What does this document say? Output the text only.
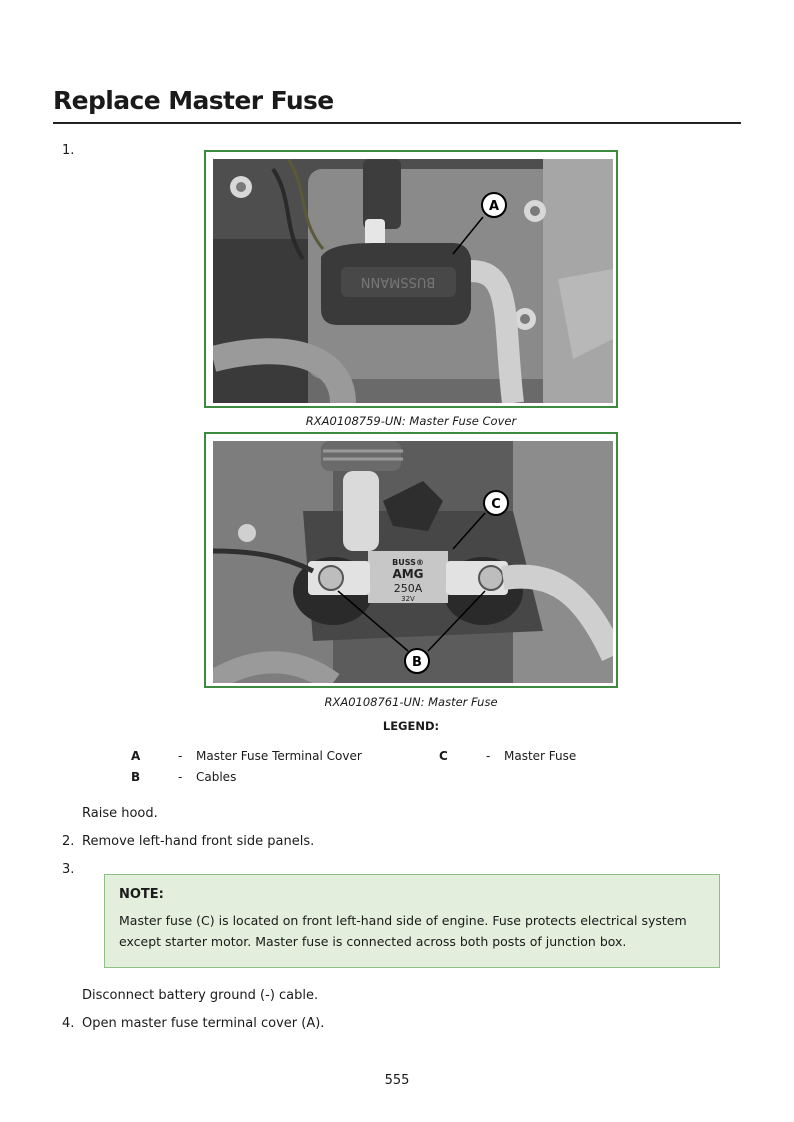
Replace Master Fuse
1.
BUSSMANN
A
RXA0108759-UN: Master Fuse Cover
BUSS®
AMG
250A
32V
C
B
RXA0108761-UN: Master Fuse
LEGEND:
A	- Master Fuse Terminal Cover	C	- Master Fuse
B	- Cables
Raise hood.
2. Remove left-hand front side panels.
3.

NOTE:

Master fuse (C) is located on front left-hand side of engine. Fuse protects electrical system except starter motor. Master fuse is connected across both posts of junction box.

Disconnect battery ground (-) cable.
4. Open master fuse terminal cover (A).
555
